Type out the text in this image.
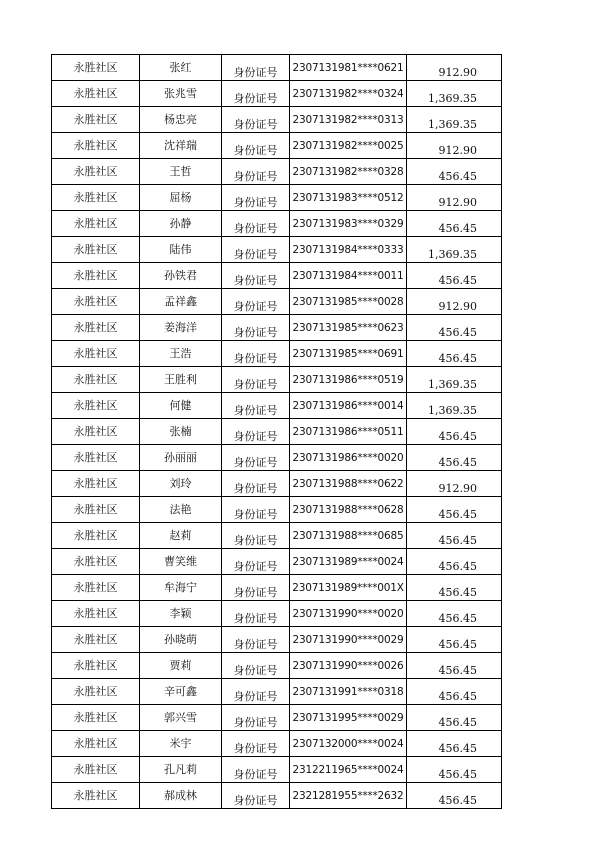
永胜社区	张红	身份证号	2307131981****0621	912.90
永胜社区	张兆雪	身份证号	2307131982****0324	1,369.35
永胜社区	杨忠亮	身份证号	2307131982****0313	1,369.35
永胜社区	沈祥瑞	身份证号	2307131982****0025	912.90
永胜社区	王哲	身份证号	2307131982****0328	456.45
永胜社区	屈杨	身份证号	2307131983****0512	912.90
永胜社区	孙静	身份证号	2307131983****0329	456.45
永胜社区	陆伟	身份证号	2307131984****0333	1,369.35
永胜社区	孙铁君	身份证号	2307131984****0011	456.45
永胜社区	孟祥鑫	身份证号	2307131985****0028	912.90
永胜社区	姜海洋	身份证号	2307131985****0623	456.45
永胜社区	王浩	身份证号	2307131985****0691	456.45
永胜社区	王胜利	身份证号	2307131986****0519	1,369.35
永胜社区	何健	身份证号	2307131986****0014	1,369.35
永胜社区	张楠	身份证号	2307131986****0511	456.45
永胜社区	孙丽丽	身份证号	2307131986****0020	456.45
永胜社区	刘玲	身份证号	2307131988****0622	912.90
永胜社区	法艳	身份证号	2307131988****0628	456.45
永胜社区	赵莉	身份证号	2307131988****0685	456.45
永胜社区	曹笑维	身份证号	2307131989****0024	456.45
永胜社区	牟海宁	身份证号	2307131989****001X	456.45
永胜社区	李颖	身份证号	2307131990****0020	456.45
永胜社区	孙晓萌	身份证号	2307131990****0029	456.45
永胜社区	贾莉	身份证号	2307131990****0026	456.45
永胜社区	辛可鑫	身份证号	2307131991****0318	456.45
永胜社区	郭兴雪	身份证号	2307131995****0029	456.45
永胜社区	米宇	身份证号	2307132000****0024	456.45
永胜社区	孔凡莉	身份证号	2312211965****0024	456.45
永胜社区	郝成林	身份证号	2321281955****2632	456.45
